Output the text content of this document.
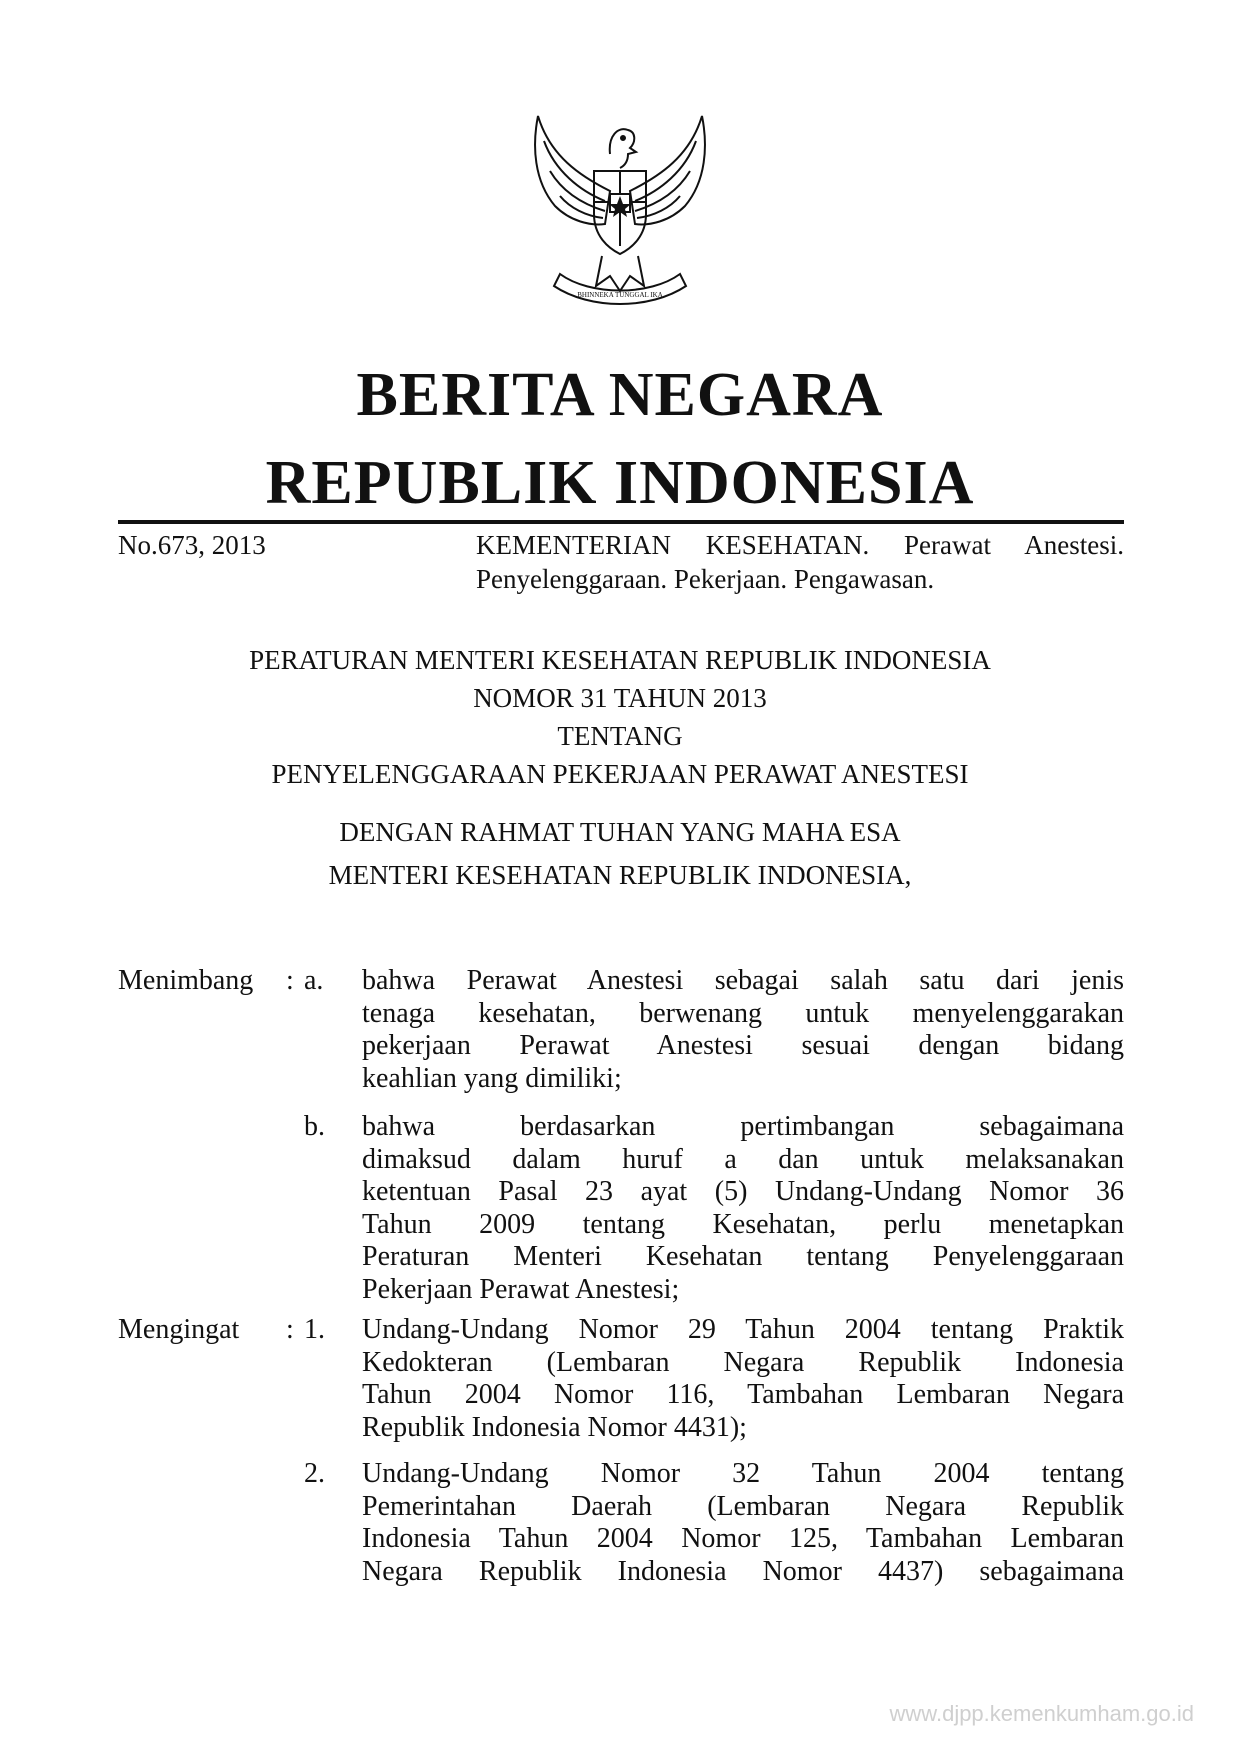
BHINNEKA TUNGGAL IKA
BERITA NEGARA
REPUBLIK INDONESIA
No.673, 2013	KEMENTERIAN KESEHATAN. Perawat Anestesi.
Penyelenggaraan. Pekerjaan. Pengawasan.
PERATURAN MENTERI KESEHATAN REPUBLIK INDONESIA
NOMOR 31 TAHUN 2013
TENTANG
PENYELENGGARAAN PEKERJAAN PERAWAT ANESTESI
DENGAN RAHMAT TUHAN YANG MAHA ESA
MENTERI KESEHATAN REPUBLIK INDONESIA,
Menimbang : a. bahwa Perawat Anestesi sebagai salah satu dari jenis
tenaga kesehatan, berwenang untuk menyelenggarakan
pekerjaan Perawat Anestesi sesuai dengan bidang
keahlian yang dimiliki;
b. bahwa berdasarkan pertimbangan sebagaimana
dimaksud dalam huruf a dan untuk melaksanakan
ketentuan Pasal 23 ayat (5) Undang-Undang Nomor 36
Tahun 2009 tentang Kesehatan, perlu menetapkan
Peraturan Menteri Kesehatan tentang Penyelenggaraan
Pekerjaan Perawat Anestesi;
Mengingat : 1. Undang-Undang Nomor 29 Tahun 2004 tentang Praktik
Kedokteran (Lembaran Negara Republik Indonesia
Tahun 2004 Nomor 116, Tambahan Lembaran Negara
Republik Indonesia Nomor 4431);
2. Undang-Undang Nomor 32 Tahun 2004 tentang
Pemerintahan Daerah (Lembaran Negara Republik
Indonesia Tahun 2004 Nomor 125, Tambahan Lembaran
Negara Republik Indonesia Nomor 4437) sebagaimana
www.djpp.kemenkumham.go.id
